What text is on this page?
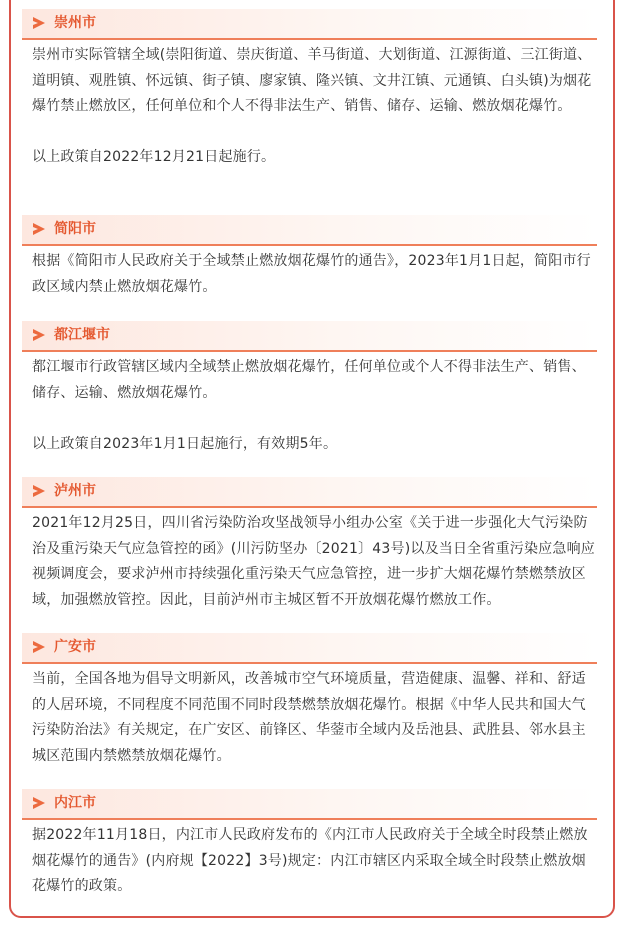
崇州市

崇州市实际管辖全域(崇阳街道、崇庆街道、羊马街道、大划街道、江源街道、三江街道、道明镇、观胜镇、怀远镇、街子镇、廖家镇、隆兴镇、文井江镇、元通镇、白头镇)为烟花爆竹禁止燃放区，任何单位和个人不得非法生产、销售、储存、运输、燃放烟花爆竹。

以上政策自2022年12月21日起施行。

简阳市

根据《简阳市人民政府关于全域禁止燃放烟花爆竹的通告》，2023年1月1日起，简阳市行政区域内禁止燃放烟花爆竹。

都江堰市

都江堰市行政管辖区域内全域禁止燃放烟花爆竹，任何单位或个人不得非法生产、销售、储存、运输、燃放烟花爆竹。

以上政策自2023年1月1日起施行，有效期5年。

泸州市

2021年12月25日，四川省污染防治攻坚战领导小组办公室《关于进一步强化大气污染防治及重污染天气应急管控的函》(川污防坚办〔2021〕43号)以及当日全省重污染应急响应视频调度会，要求泸州市持续强化重污染天气应急管控，进一步扩大烟花爆竹禁燃禁放区域，加强燃放管控。因此，目前泸州市主城区暂不开放烟花爆竹燃放工作。

广安市

当前，全国各地为倡导文明新风，改善城市空气环境质量，营造健康、温馨、祥和、舒适的人居环境，不同程度不同范围不同时段禁燃禁放烟花爆竹。根据《中华人民共和国大气污染防治法》有关规定，在广安区、前锋区、华蓥市全域内及岳池县、武胜县、邻水县主城区范围内禁燃禁放烟花爆竹。

内江市

据2022年11月18日，内江市人民政府发布的《内江市人民政府关于全域全时段禁止燃放烟花爆竹的通告》(内府规【2022】3号)规定：内江市辖区内采取全域全时段禁止燃放烟花爆竹的政策。
